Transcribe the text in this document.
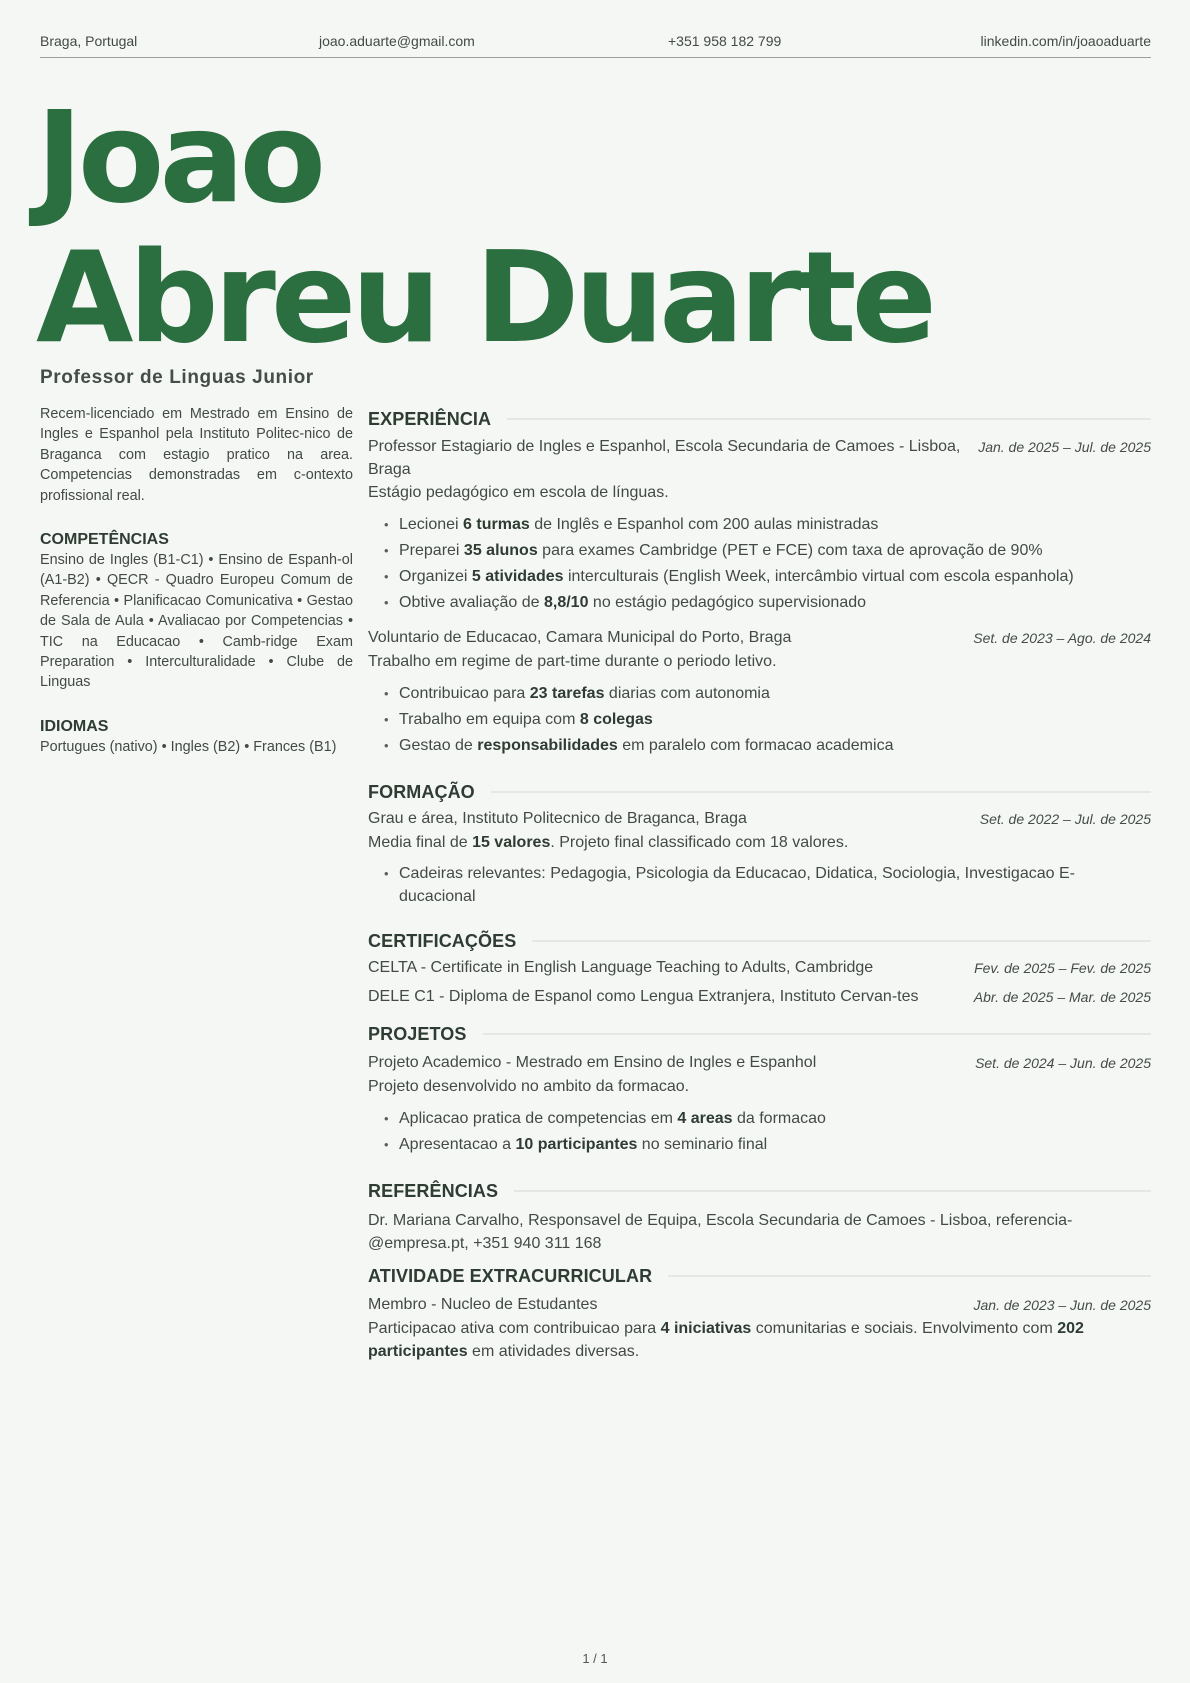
Braga, Portugal	joao.aduarte@gmail.com	+351 958 182 799	linkedin.com/in/joaoaduarte
Joao
Abreu Duarte
Professor de Linguas Junior

Recem-licenciado em Mestrado em Ensino de Ingles e Espanhol pela Instituto Politec-nico de Braganca com estagio pratico na area. Competencias demonstradas em c-ontexto profissional real.

COMPETÊNCIAS

Ensino de Ingles (B1-C1) • Ensino de Espanh-ol (A1-B2) • QECR - Quadro Europeu Comum de Referencia • Planificacao Comunicativa • Gestao de Sala de Aula • Avaliacao por Competencias • TIC na Educacao • Camb-ridge Exam Preparation • Interculturalidade • Clube de Linguas

IDIOMAS

Portugues (nativo) • Ingles (B2) • Frances (B1)

EXPERIÊNCIA
Professor Estagiario de Ingles e Espanhol, Escola Secundaria de Camoes - Lisboa, Braga
Jan. de 2025 – Jul. de 2025
Estágio pedagógico em escola de línguas.
• Lecionei 6 turmas de Inglês e Espanhol com 200 aulas ministradas
• Preparei 35 alunos para exames Cambridge (PET e FCE) com taxa de aprovação de 90%
• Organizei 5 atividades interculturais (English Week, intercâmbio virtual com escola espanhola)
• Obtive avaliação de 8,8/10 no estágio pedagógico supervisionado
Voluntario de Educacao, Camara Municipal do Porto, Braga	Set. de 2023 – Ago. de 2024
Trabalho em regime de part-time durante o periodo letivo.
• Contribuicao para 23 tarefas diarias com autonomia
• Trabalho em equipa com 8 colegas
• Gestao de responsabilidades em paralelo com formacao academica
FORMAÇÃO
Grau e área, Instituto Politecnico de Braganca, Braga	Set. de 2022 – Jul. de 2025
Media final de 15 valores. Projeto final classificado com 18 valores.
• Cadeiras relevantes: Pedagogia, Psicologia da Educacao, Didatica, Sociologia, Investigacao E-ducacional
CERTIFICAÇÕES
CELTA - Certificate in English Language Teaching to Adults, Cambridge	Fev. de 2025 – Fev. de 2025
DELE C1 - Diploma de Espanol como Lengua Extranjera, Instituto Cervan-tes	Abr. de 2025 – Mar. de 2025
PROJETOS
Projeto Academico - Mestrado em Ensino de Ingles e Espanhol	Set. de 2024 – Jun. de 2025
Projeto desenvolvido no ambito da formacao.
• Aplicacao pratica de competencias em 4 areas da formacao
• Apresentacao a 10 participantes no seminario final
REFERÊNCIAS
Dr. Mariana Carvalho, Responsavel de Equipa, Escola Secundaria de Camoes - Lisboa, referencia-@empresa.pt, +351 940 311 168
ATIVIDADE EXTRACURRICULAR
Membro - Nucleo de Estudantes	Jan. de 2023 – Jun. de 2025
Participacao ativa com contribuicao para 4 iniciativas comunitarias e sociais. Envolvimento com 202 participantes em atividades diversas.
1 / 1
